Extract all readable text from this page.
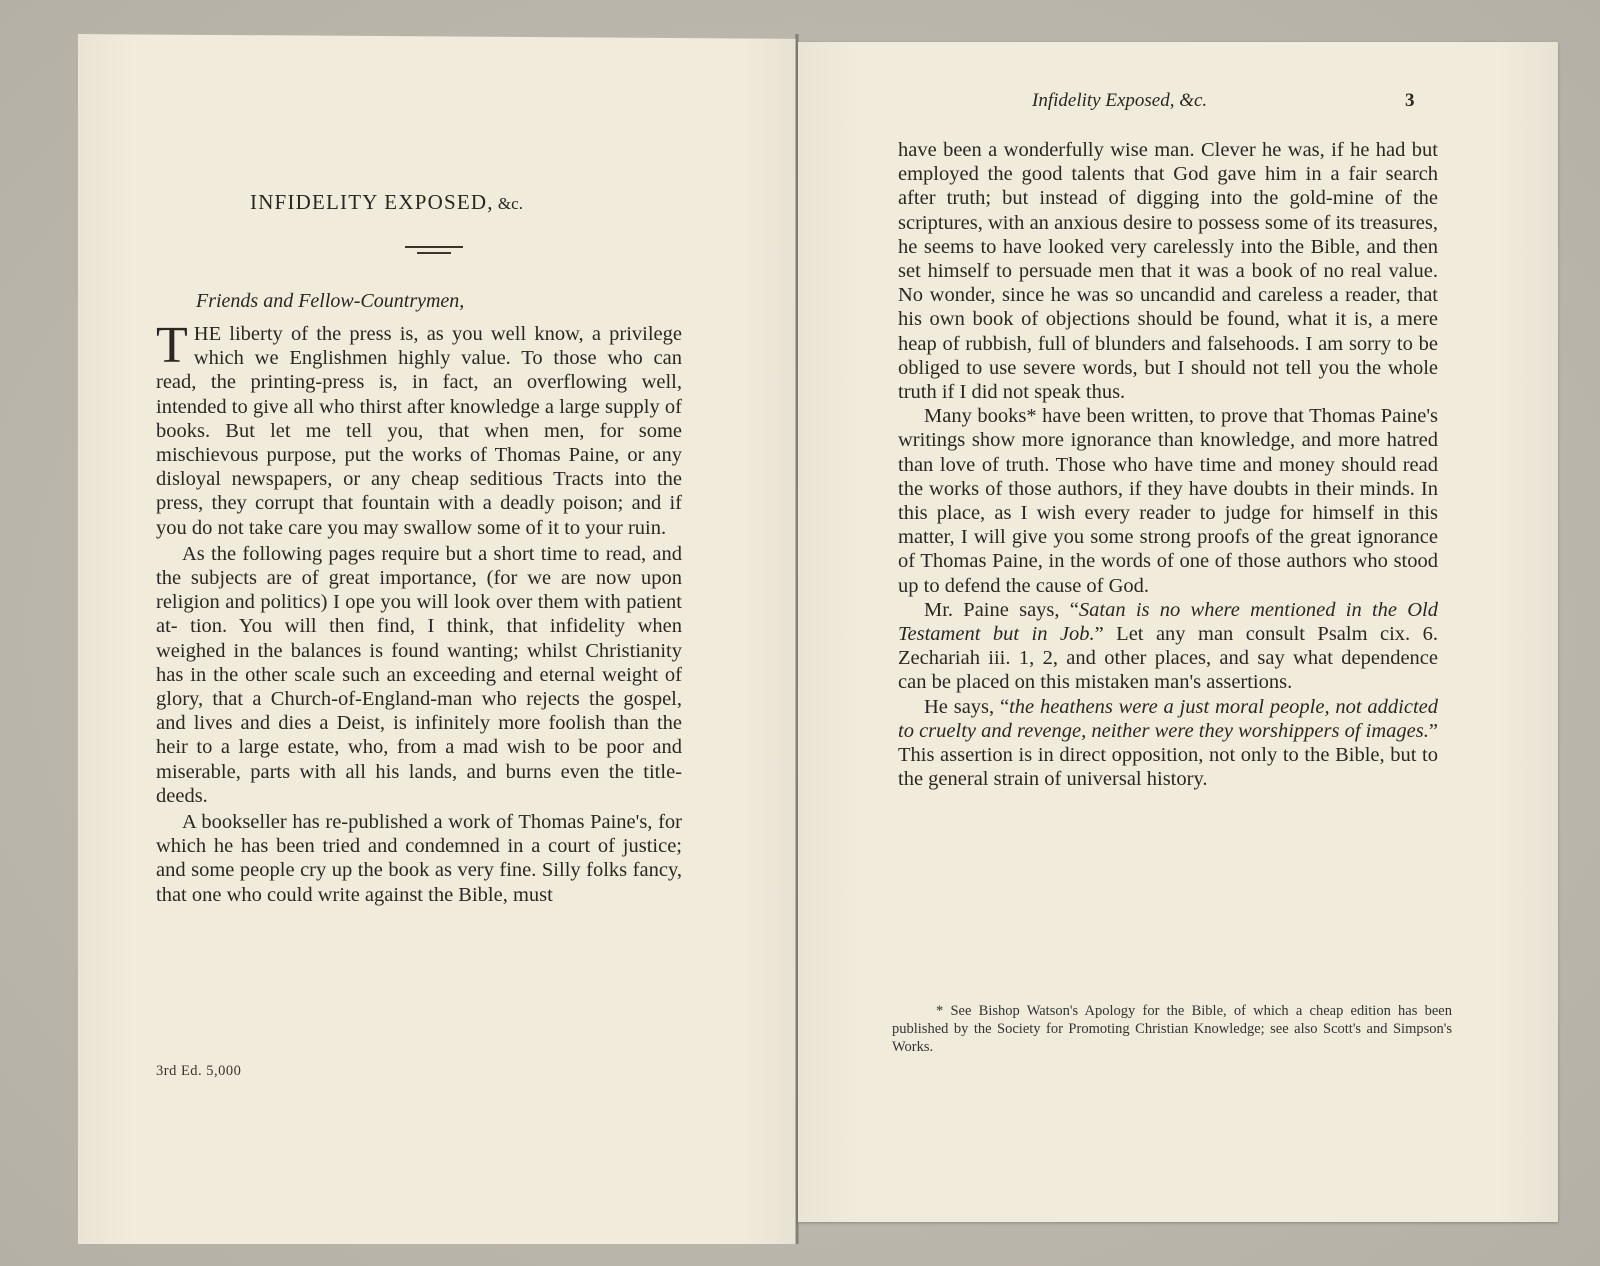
INFIDELITY EXPOSED, &c.
Friends and Fellow-Countrymen,

THE liberty of the press is, as you well know, a privilege which we Englishmen highly value. To those who can read, the printing-press is, in fact, an overflowing well, intended to give all who thirst after knowledge a large supply of books. But let me tell you, that when men, for some mischievous purpose, put the works of Thomas Paine, or any disloyal newspapers, or any cheap seditious Tracts into the press, they corrupt that fountain with a deadly poison; and if you do not take care you may swallow some of it to your ruin.

As the following pages require but a short time to read, and the subjects are of great importance, (for we are now upon religion and politics) I ope you will look over them with patient at- tion. You will then find, I think, that infidelity when weighed in the balances is found wanting; whilst Christianity has in the other scale such an exceeding and eternal weight of glory, that a Church-of-England-man who rejects the gospel, and lives and dies a Deist, is infinitely more foolish than the heir to a large estate, who, from a mad wish to be poor and miserable, parts with all his lands, and burns even the title-deeds.

A bookseller has re-published a work of Thomas Paine's, for which he has been tried and condemned in a court of justice; and some people cry up the book as very fine. Silly folks fancy, that one who could write against the Bible, must

3rd Ed. 5,000
Infidelity Exposed, &c.	3

have been a wonderfully wise man. Clever he was, if he had but employed the good talents that God gave him in a fair search after truth; but instead of digging into the gold-mine of the scriptures, with an anxious desire to possess some of its treasures, he seems to have looked very carelessly into the Bible, and then set himself to persuade men that it was a book of no real value. No wonder, since he was so uncandid and careless a reader, that his own book of objections should be found, what it is, a mere heap of rubbish, full of blunders and falsehoods. I am sorry to be obliged to use severe words, but I should not tell you the whole truth if I did not speak thus.

Many books* have been written, to prove that Thomas Paine's writings show more ignorance than knowledge, and more hatred than love of truth. Those who have time and money should read the works of those authors, if they have doubts in their minds. In this place, as I wish every reader to judge for himself in this matter, I will give you some strong proofs of the great ignorance of Thomas Paine, in the words of one of those authors who stood up to defend the cause of God.

Mr. Paine says, “Satan is no where mentioned in the Old Testament but in Job.” Let any man consult Psalm cix. 6. Zechariah iii. 1, 2, and other places, and say what dependence can be placed on this mistaken man's assertions.

He says, “the heathens were a just moral people, not addicted to cruelty and revenge, neither were they worshippers of images.” This assertion is in direct opposition, not only to the Bible, but to the general strain of universal history.

* See Bishop Watson's Apology for the Bible, of which a cheap edition has been published by the Society for Promoting Christian Knowledge; see also Scott's and Simpson's Works.
